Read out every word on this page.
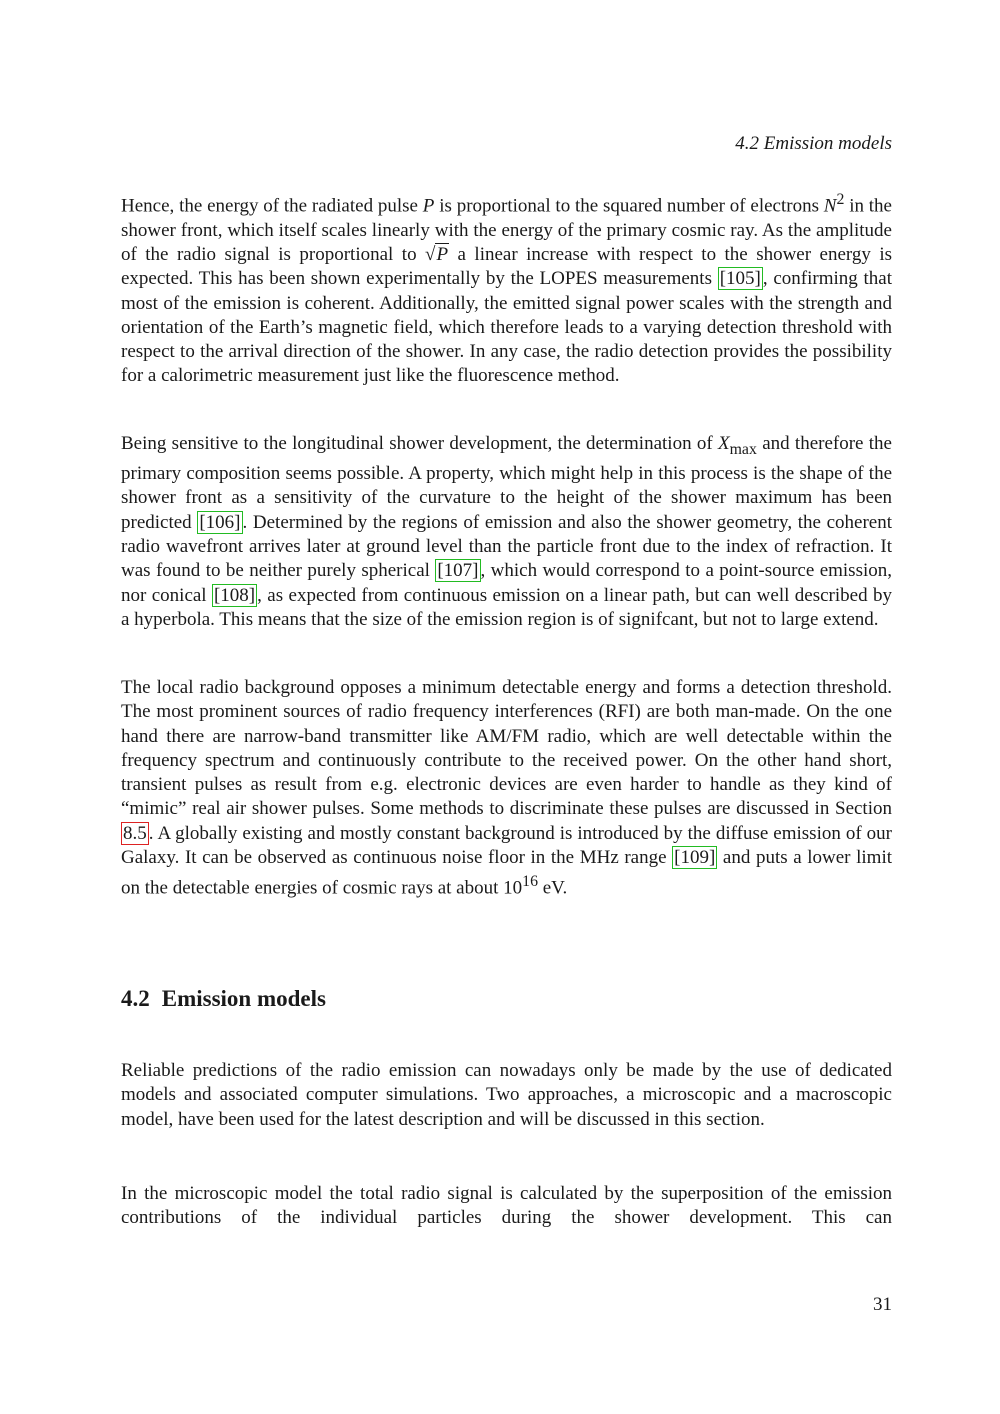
4.2 Emission models

Hence, the energy of the radiated pulse P is proportional to the squared number of electrons $N^2$ in the shower front, which itself scales linearly with the energy of the primary cosmic ray. As the amplitude of the radio signal is proportional to √P a linear increase with respect to the shower energy is expected. This has been shown experimentally by the LOPES measurements [105] , confirming that most of the emission is coherent. Additionally, the emitted signal power scales with the strength and orientation of the Earth’s magnetic field, which therefore leads to a varying detection threshold with respect to the arrival direction of the shower. In any case, the radio detection provides the possibility for a calorimetric measurement just like the fluorescence method.

Being sensitive to the longitudinal shower development, the determination of $X_{max}$ and therefore the primary composition seems possible. A property, which might help in this process is the shape of the shower front as a sensitivity of the curvature to the height of the shower maximum has been predicted [106] . Determined by the regions of emission and also the shower geometry, the coherent radio wavefront arrives later at ground level than the particle front due to the index of refraction. It was found to be neither purely spherical [107] , which would correspond to a point-source emission, nor conical [108] , as expected from continuous emission on a linear path, but can well described by a hyperbola. This means that the size of the emission region is of signifcant, but not to large extend.

The local radio background opposes a minimum detectable energy and forms a detection threshold. The most prominent sources of radio frequency interferences (RFI) are both man-made. On the one hand there are narrow-band transmitter like AM/FM radio, which are well detectable within the frequency spectrum and continuously contribute to the received power. On the other hand short, transient pulses as result from e.g. electronic devices are even harder to handle as they kind of “mimic” real air shower pulses. Some methods to discriminate these pulses are discussed in Section 8.5 . A globally existing and mostly constant background is introduced by the diffuse emission of our Galaxy. It can be observed as continuous noise floor in the MHz range [109] and puts a lower limit on the detectable energies of cosmic rays at about $10^{16}$ eV.

4.2 Emission models

Reliable predictions of the radio emission can nowadays only be made by the use of dedicated models and associated computer simulations. Two approaches, a microscopic and a macroscopic model, have been used for the latest description and will be discussed in this section.

In the microscopic model the total radio signal is calculated by the superposition of the emission contributions of the individual particles during the shower development. This can

31
